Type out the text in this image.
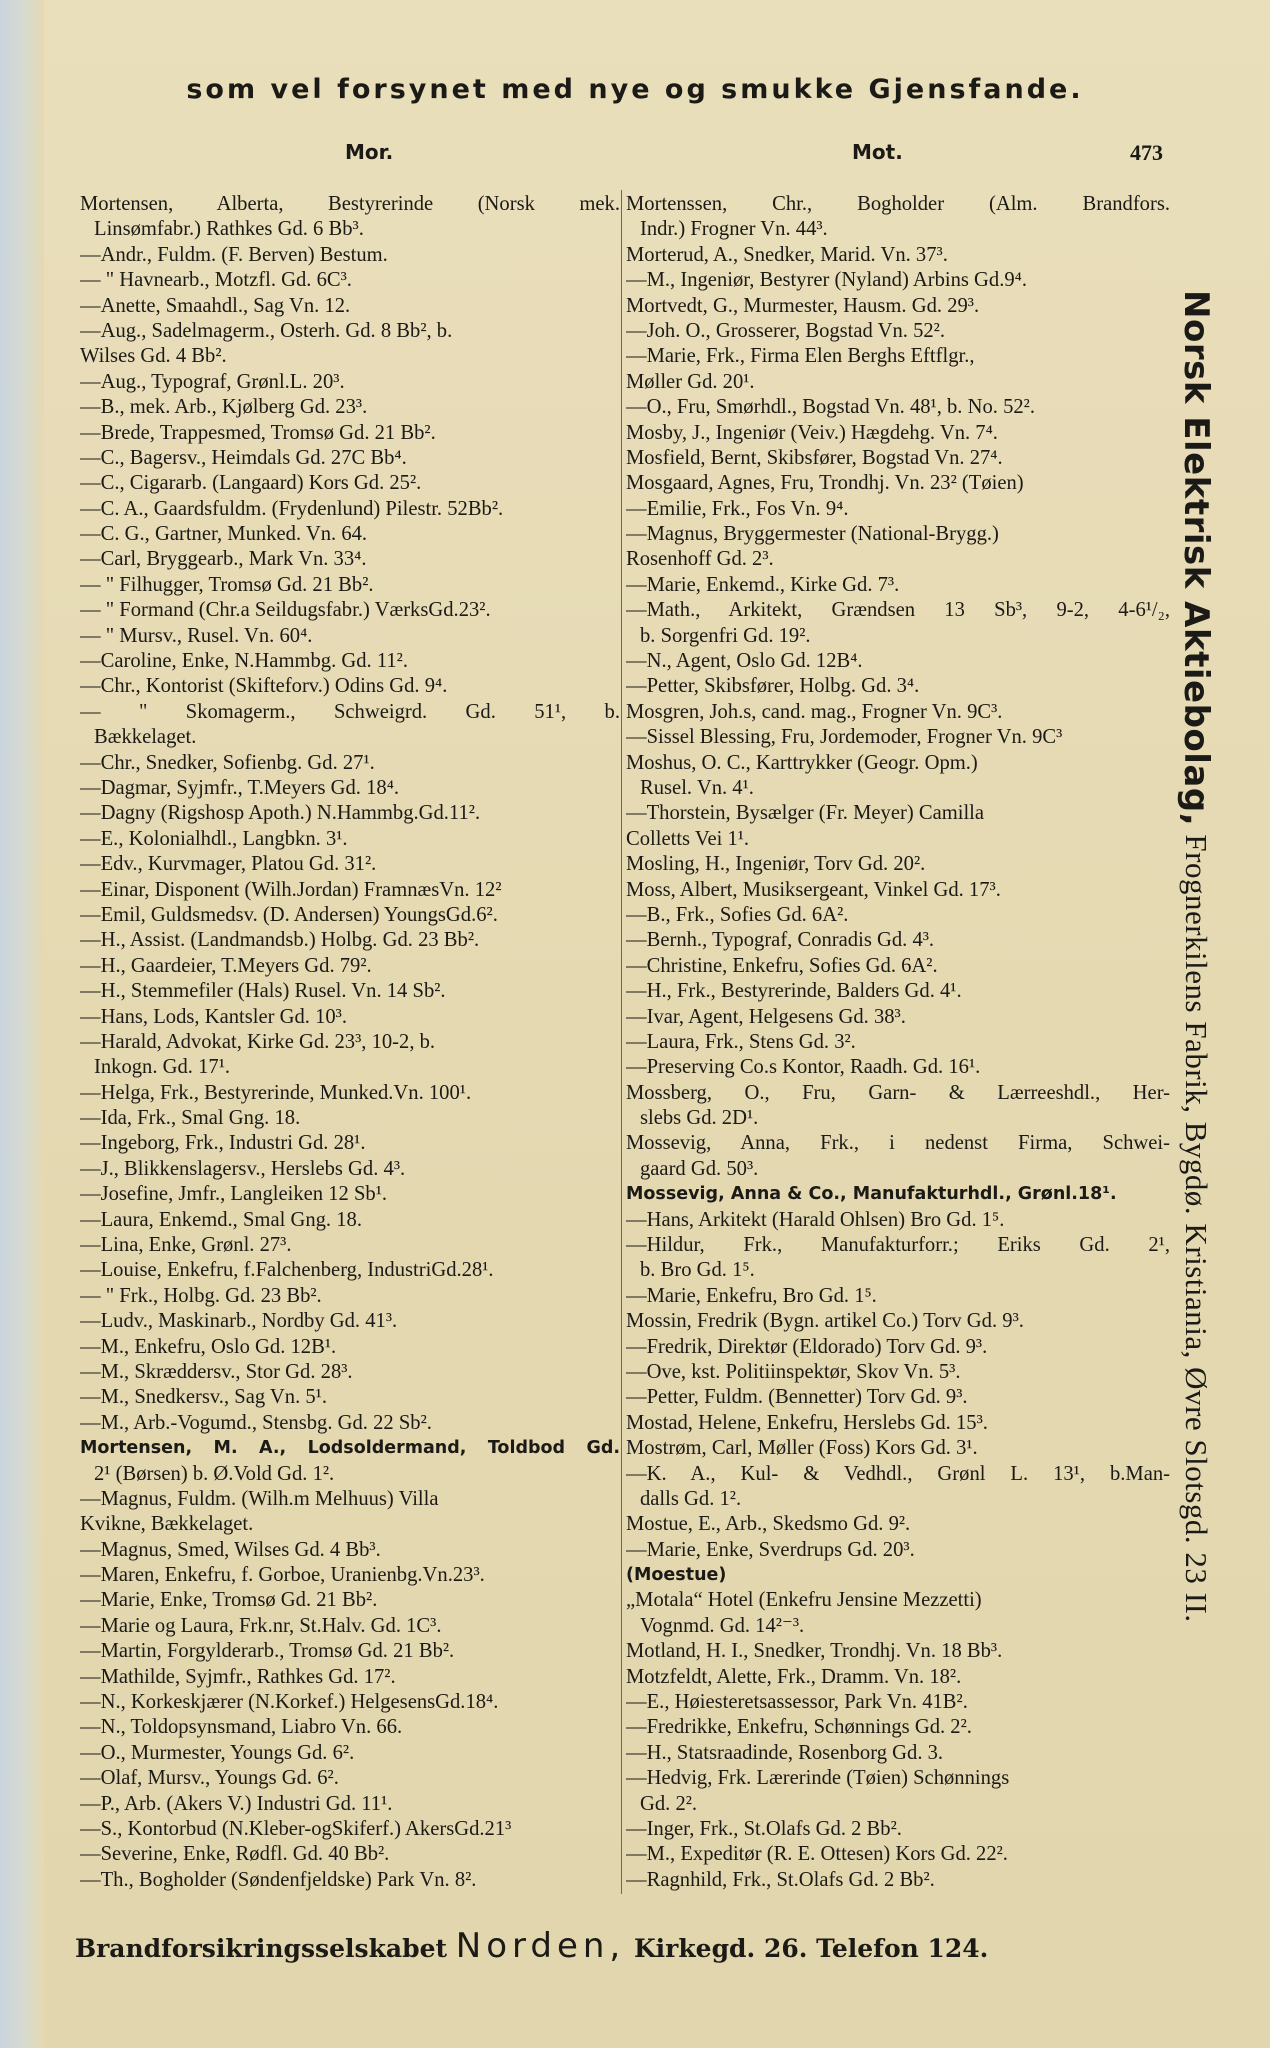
som vel forsynet med nye og smukke Gjensfande.
Mor.	Mot.	473
Mortensen, Alberta, Bestyrerinde (Norsk mek.
Linsømfabr.) Rathkes Gd. 6 Bb³.
—Andr., Fuldm. (F. Berven) Bestum.
— " Havnearb., Motzfl. Gd. 6C³.
—Anette, Smaahdl., Sag Vn. 12.
—Aug., Sadelmagerm., Osterh. Gd. 8 Bb², b.
Wilses Gd. 4 Bb².
—Aug., Typograf, Grønl.L. 20³.
—B., mek. Arb., Kjølberg Gd. 23³.
—Brede, Trappesmed, Tromsø Gd. 21 Bb².
—C., Bagersv., Heimdals Gd. 27C Bb⁴.
—C., Cigararb. (Langaard) Kors Gd. 25².
—C. A., Gaardsfuldm. (Frydenlund) Pilestr. 52Bb².
—C. G., Gartner, Munked. Vn. 64.
—Carl, Bryggearb., Mark Vn. 33⁴.
— " Filhugger, Tromsø Gd. 21 Bb².
— " Formand (Chr.a Seildugsfabr.) VærksGd.23².
— " Mursv., Rusel. Vn. 60⁴.
—Caroline, Enke, N.Hammbg. Gd. 11².
—Chr., Kontorist (Skifteforv.) Odins Gd. 9⁴.
— " Skomagerm., Schweigrd. Gd. 51¹, b.
Bækkelaget.
—Chr., Snedker, Sofienbg. Gd. 27¹.
—Dagmar, Syjmfr., T.Meyers Gd. 18⁴.
—Dagny (Rigshosp Apoth.) N.Hammbg.Gd.11².
—E., Kolonialhdl., Langbkn. 3¹.
—Edv., Kurvmager, Platou Gd. 31².
—Einar, Disponent (Wilh.Jordan) FramnæsVn. 12²
—Emil, Guldsmedsv. (D. Andersen) YoungsGd.6².
—H., Assist. (Landmandsb.) Holbg. Gd. 23 Bb².
—H., Gaardeier, T.Meyers Gd. 79².
—H., Stemmefiler (Hals) Rusel. Vn. 14 Sb².
—Hans, Lods, Kantsler Gd. 10³.
—Harald, Advokat, Kirke Gd. 23³, 10-2, b.
Inkogn. Gd. 17¹.
—Helga, Frk., Bestyrerinde, Munked.Vn. 100¹.
—Ida, Frk., Smal Gng. 18.
—Ingeborg, Frk., Industri Gd. 28¹.
—J., Blikkenslagersv., Herslebs Gd. 4³.
—Josefine, Jmfr., Langleiken 12 Sb¹.
—Laura, Enkemd., Smal Gng. 18.
—Lina, Enke, Grønl. 27³.
—Louise, Enkefru, f.Falchenberg, IndustriGd.28¹.
— " Frk., Holbg. Gd. 23 Bb².
—Ludv., Maskinarb., Nordby Gd. 41³.
—M., Enkefru, Oslo Gd. 12B¹.
—M., Skræddersv., Stor Gd. 28³.
—M., Snedkersv., Sag Vn. 5¹.
—M., Arb.-Vogumd., Stensbg. Gd. 22 Sb².
Mortensen, M. A., Lodsoldermand, Toldbod Gd.
2¹ (Børsen) b. Ø.Vold Gd. 1².
—Magnus, Fuldm. (Wilh.m Melhuus) Villa
Kvikne, Bækkelaget.
—Magnus, Smed, Wilses Gd. 4 Bb³.
—Maren, Enkefru, f. Gorboe, Uranienbg.Vn.23³.
—Marie, Enke, Tromsø Gd. 21 Bb².
—Marie og Laura, Frk.nr, St.Halv. Gd. 1C³.
—Martin, Forgylderarb., Tromsø Gd. 21 Bb².
—Mathilde, Syjmfr., Rathkes Gd. 17².
—N., Korkeskjærer (N.Korkef.) HelgesensGd.18⁴.
—N., Toldopsynsmand, Liabro Vn. 66.
—O., Murmester, Youngs Gd. 6².
—Olaf, Mursv., Youngs Gd. 6².
—P., Arb. (Akers V.) Industri Gd. 11¹.
—S., Kontorbud (N.Kleber-ogSkiferf.) AkersGd.21³
—Severine, Enke, Rødfl. Gd. 40 Bb².
—Th., Bogholder (Søndenfjeldske) Park Vn. 8².
Mortenssen, Chr., Bogholder (Alm. Brandfors.
Indr.) Frogner Vn. 44³.
Morterud, A., Snedker, Marid. Vn. 37³.
—M., Ingeniør, Bestyrer (Nyland) Arbins Gd.9⁴.
Mortvedt, G., Murmester, Hausm. Gd. 29³.
—Joh. O., Grosserer, Bogstad Vn. 52².
—Marie, Frk., Firma Elen Berghs Eftflgr.,
Møller Gd. 20¹.
—O., Fru, Smørhdl., Bogstad Vn. 48¹, b. No. 52².
Mosby, J., Ingeniør (Veiv.) Hægdehg. Vn. 7⁴.
Mosfield, Bernt, Skibsfører, Bogstad Vn. 27⁴.
Mosgaard, Agnes, Fru, Trondhj. Vn. 23² (Tøien)
—Emilie, Frk., Fos Vn. 9⁴.
—Magnus, Bryggermester (National-Brygg.)
Rosenhoff Gd. 2³.
—Marie, Enkemd., Kirke Gd. 7³.
—Math., Arkitekt, Grændsen 13 Sb³, 9-2, 4-6¹/₂,
b. Sorgenfri Gd. 19².
—N., Agent, Oslo Gd. 12B⁴.
—Petter, Skibsfører, Holbg. Gd. 3⁴.
Mosgren, Joh.s, cand. mag., Frogner Vn. 9C³.
—Sissel Blessing, Fru, Jordemoder, Frogner Vn. 9C³
Moshus, O. C., Karttrykker (Geogr. Opm.)
Rusel. Vn. 4¹.
—Thorstein, Bysælger (Fr. Meyer) Camilla
Colletts Vei 1¹.
Mosling, H., Ingeniør, Torv Gd. 20².
Moss, Albert, Musiksergeant, Vinkel Gd. 17³.
—B., Frk., Sofies Gd. 6A².
—Bernh., Typograf, Conradis Gd. 4³.
—Christine, Enkefru, Sofies Gd. 6A².
—H., Frk., Bestyrerinde, Balders Gd. 4¹.
—Ivar, Agent, Helgesens Gd. 38³.
—Laura, Frk., Stens Gd. 3².
—Preserving Co.s Kontor, Raadh. Gd. 16¹.
Mossberg, O., Fru, Garn- & Lærreeshdl., Her-
slebs Gd. 2D¹.
Mossevig, Anna, Frk., i nedenst Firma, Schwei-
gaard Gd. 50³.
Mossevig, Anna & Co., Manufakturhdl., Grønl.18¹.
—Hans, Arkitekt (Harald Ohlsen) Bro Gd. 1⁵.
—Hildur, Frk., Manufakturforr.; Eriks Gd. 2¹,
b. Bro Gd. 1⁵.
—Marie, Enkefru, Bro Gd. 1⁵.
Mossin, Fredrik (Bygn. artikel Co.) Torv Gd. 9³.
—Fredrik, Direktør (Eldorado) Torv Gd. 9³.
—Ove, kst. Politiinspektør, Skov Vn. 5³.
—Petter, Fuldm. (Bennetter) Torv Gd. 9³.
Mostad, Helene, Enkefru, Herslebs Gd. 15³.
Mostrøm, Carl, Møller (Foss) Kors Gd. 3¹.
—K. A., Kul- & Vedhdl., Grønl L. 13¹, b.Man-
dalls Gd. 1².
Mostue, E., Arb., Skedsmo Gd. 9².
—Marie, Enke, Sverdrups Gd. 20³.
(Moestue)
„Motala“ Hotel (Enkefru Jensine Mezzetti)
Vognmd. Gd. 14²⁻³.
Motland, H. I., Snedker, Trondhj. Vn. 18 Bb³.
Motzfeldt, Alette, Frk., Dramm. Vn. 18².
—E., Høiesteretsassessor, Park Vn. 41B².
—Fredrikke, Enkefru, Schønnings Gd. 2².
—H., Statsraadinde, Rosenborg Gd. 3.
—Hedvig, Frk. Lærerinde (Tøien) Schønnings
Gd. 2².
—Inger, Frk., St.Olafs Gd. 2 Bb².
—M., Expeditør (R. E. Ottesen) Kors Gd. 22².
—Ragnhild, Frk., St.Olafs Gd. 2 Bb².
Norsk Elektrisk Aktiebolag, Frognerkilens Fabrik, Bygdø. Kristiania, Øvre Slotsgd. 23 II.
Brandforsikringsselskabet Norden, Kirkegd. 26. Telefon 124.
